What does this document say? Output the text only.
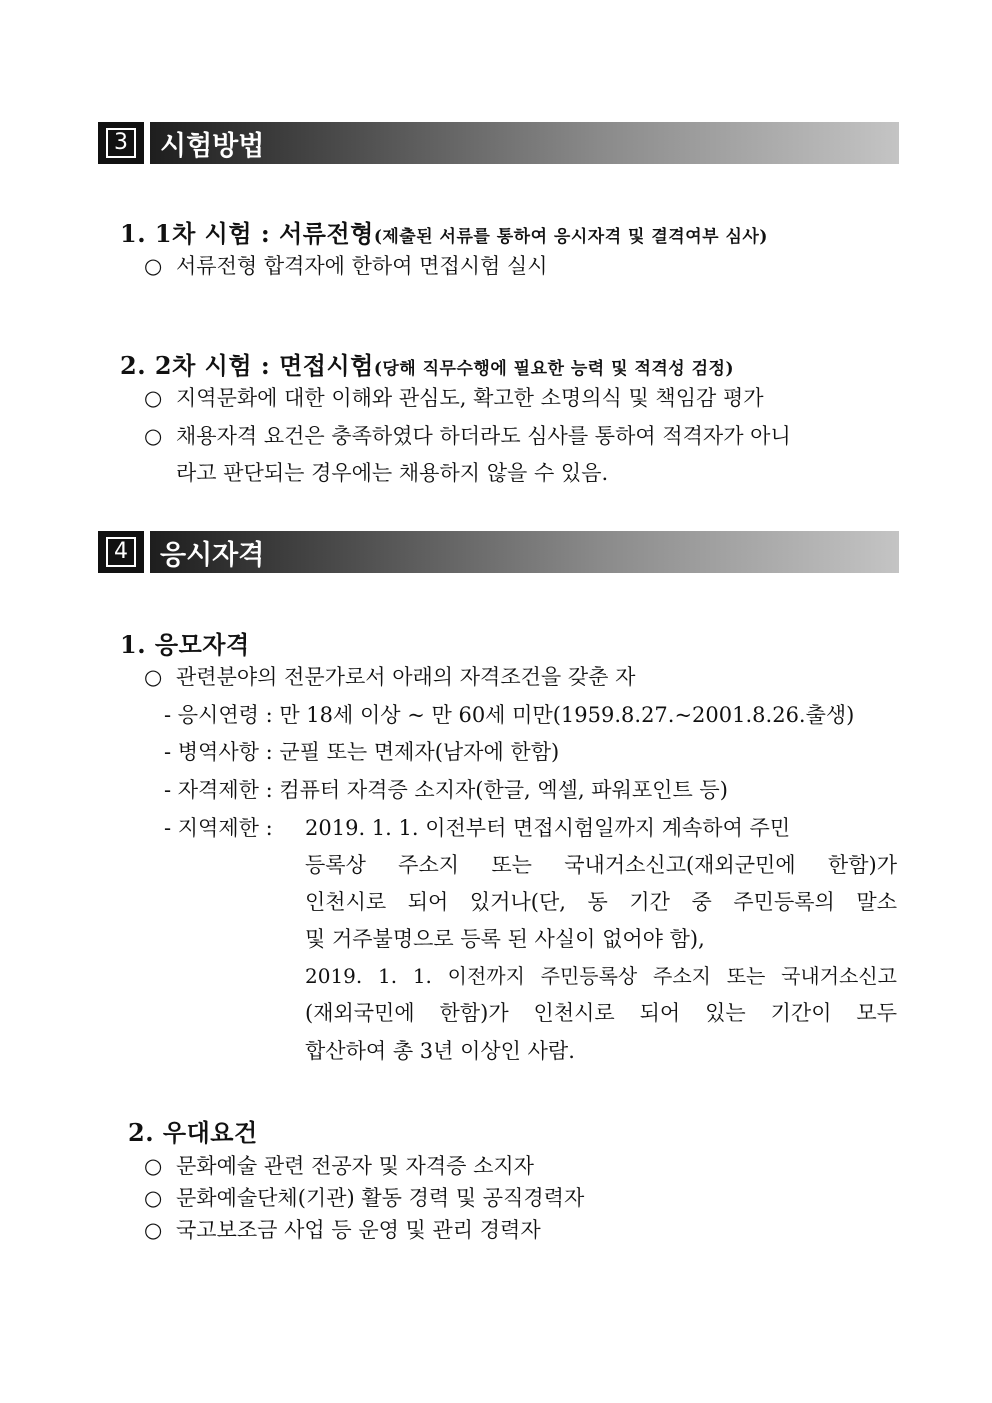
3	시험방법
1. 1차 시험 : 서류전형(제출된 서류를 통하여 응시자격 및 결격여부 심사)
○ 서류전형 합격자에 한하여 면접시험 실시
2. 2차 시험 : 면접시험(당해 직무수행에 필요한 능력 및 적격성 검정)
○ 지역문화에 대한 이해와 관심도, 확고한 소명의식 및 책임감 평가
○ 채용자격 요건은 충족하였다 하더라도 심사를 통하여 적격자가 아니
라고 판단되는 경우에는 채용하지 않을 수 있음.
4	응시자격
1. 응모자격
○ 관련분야의 전문가로서 아래의 자격조건을 갖춘 자
- 응시연령 : 만 18세 이상 ~ 만 60세 미만(1959.8.27.~2001.8.26.출생)
- 병역사항 : 군필 또는 면제자(남자에 한함)
- 자격제한 : 컴퓨터 자격증 소지자(한글, 엑셀, 파워포인트 등)
- 지역제한 : 2019. 1. 1. 이전부터 면접시험일까지 계속하여 주민
등록상 주소지 또는 국내거소신고(재외군민에 한함)가
인천시로 되어 있거나(단, 동 기간 중 주민등록의 말소
및 거주불명으로 등록 된 사실이 없어야 함),
2019. 1. 1. 이전까지 주민등록상 주소지 또는 국내거소신고
(재외국민에 한함)가 인천시로 되어 있는 기간이 모두
합산하여 총 3년 이상인 사람.
2. 우대요건
○ 문화예술 관련 전공자 및 자격증 소지자
○ 문화예술단체(기관) 활동 경력 및 공직경력자
○ 국고보조금 사업 등 운영 및 관리 경력자
